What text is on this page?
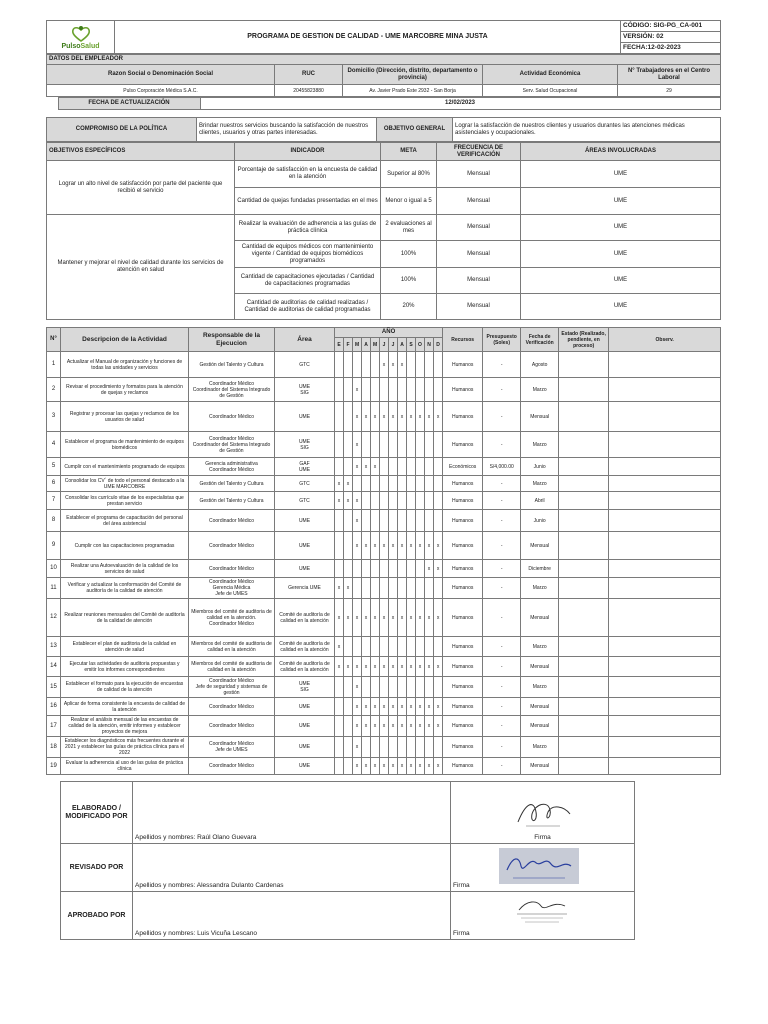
PulsoSalud
	PROGRAMA DE GESTION DE CALIDAD - UME MARCOBRE MINA JUSTA	CÓDIGO: SIG-PG_CA-001
VERSIÓN: 02
FECHA:12-02-2023
DATOS DEL EMPLEADOR				
Razon Social o Denominación Social	RUC	Domicilio (Dirección, distrito, departamento o provincia)	Actividad Económica	N° Trabajadores en el Centro Laboral
Pulso Corporación Médica S.A.C.	20455823880	Av. Javier Prado Este 2932 - San Borja	Serv. Salud Ocupacional	29
	FECHA DE ACTUALIZACIÓN	12/02/2023
COMPROMISO DE LA POLÍTICA	Brindar nuestros servicios buscando la satisfacción de nuestros clientes, usuarios y otras partes interesadas.	OBJETIVO GENERAL	Lograr la satisfacción de nuestros clientes y usuarios durantes las atenciones médicas asistenciales y ocupacionales.
OBJETIVOS ESPECÍFICOS	INDICADOR	META	FRECUENCIA DE VERIFICACIÓN	ÁREAS INVOLUCRADAS
Lograr un alto nivel de satisfacción por parte del paciente que recibió el servicio	Porcentaje de satisfacción en la encuesta de calidad en la atención	Superior al 80%	Mensual	UME
	Cantidad de quejas fundadas presentadas en el mes	Menor o igual a 5	Mensual	UME
Mantener y mejorar el nivel de calidad durante los servicios de atención en salud	Realizar la evaluación de adherencia a las guías de práctica clínica	2 evaluaciones al mes	Mensual	UME
	Cantidad de equipos médicos con mantenimiento vigente / Cantidad de equipos biomédicos programados	100%	Mensual	UME
	Cantidad de capacitaciones ejecutadas / Cantidad de capacitaciones programadas	100%	Mensual	UME
	Cantidad de auditorias de calidad realizadas / Cantidad de auditorias de calidad programadas	20%	Mensual	UME
N°	Descripcion de la Actividad	Responsable de la Ejecucion	Área	AÑO												Recursos	Presupuesto (Soles)	Fecha de Verificación	Estado (Realizado, pendiente, en proceso)	Observ.
				E	F	M	A	M	J	J	A	S	O	N	D					
1	Actualizar el Manual de organización y funciones de todas las unidades y servicios	Gestión del Talento y Cultura	GTC						x	x	x					Humanos	-	Agosto		
2	Revisar el procedimiento y formatos para la atención de quejas y reclamos	Coordinador Médico
Coordinador del Sistema Integrado de Gestión	UME
SIG			x										Humanos	-	Marzo		
3	Registrar y procesar las quejas y reclamos de los usuarios de salud	Coordinador Médico	UME			x	x	x	x	x	x	x	x	x	x	Humanos	-	Mensual		
4	Establecer el programa de mantenimiento de equipos biomédicos	Coordinador Médico
Coordinador del Sistema Integrado de Gestión	UME
SIG			x										Humanos	-	Marzo		
5	Cumplir con el mantenimiento programado de equipos	Gerencia administrativa
Coordinador Médico	GAF
UME			x	x	x								Económicos	S/4,000.00	Junio		
6	Consolidar los CV´ de todo el personal destacado a la UME MARCOBRE	Gestión del Talento y Cultura	GTC	x	x											Humanos	-	Marzo		
7	Consolidar los currículo vitae de los especialistas que prestan servicio	Gestión del Talento y Cultura	GTC	x	x	x										Humanos	-	Abril		
8	Establecer el programa de capacitación del personal del área asistencial	Coordinador Médico	UME			x										Humanos	-	Junio		
9	Cumplir con las capacitaciones programadas	Coordinador Médico	UME			x	x	x	x	x	x	x	x	x	x	Humanos	-	Mensual		
10	Realizar una Autoevaluación de la calidad de los servicios de salud	Coordinador Médico	UME											x	x	Humanos	-	Diciembre		
11	Verificar y actualizar la conformación del Comité de auditoría de la calidad de atención	Coordinador Médico
Gerencia Médica
Jefe de UMES	Gerencia UME	x	x											Humanos	-	Marzo		
12	Realizar reuniones mensuales del Comité de auditoría de la calidad de atención	Miembros del comité de auditoria de calidad en la atención.
Coordinador Médico	Comité de auditoría de calidad en la atención	x	x	x	x	x	x	x	x	x	x	x	x	Humanos	-	Mensual		
13	Establecer el plan de auditoria de la calidad en atención de salud	Miembros del comité de auditoria de calidad en la atención	Comité de auditoría de calidad en la atención	x												Humanos	-	Marzo		
14	Ejecutar las actividades de auditoria propuestas y emitir los informes correspondientes	Miembros del comité de auditoria de calidad en la atención	Comité de auditoría de calidad en la atención	x	x	x	x	x	x	x	x	x	x	x	x	Humanos	-	Mensual		
15	Establecer el formato para la ejecución de encuestas de calidad de la atención	Coordinador Médico
Jefe de seguridad y sistemas de gestión	UME
SIG			x										Humanos	-	Marzo		
16	Aplicar de forma consistente la encuesta de calidad de la atención	Coordinador Médico	UME			x	x	x	x	x	x	x	x	x	x	Humanos	-	Mensual		
17	Realizar el análisis mensual de las encuestas de calidad de la atención, emitir informes y establecer proyectos de mejora	Coordinador Médico	UME			x	x	x	x	x	x	x	x	x	x	Humanos	-	Mensual		
18	Establecer los diagnósticos más frecuentes durante el 2021 y establecer las guías de práctica clínica para el 2022	Coordinador Médico
Jefe de UMES	UME			x										Humanos	-	Marzo		
19	Evaluar la adherencia al uso de las guías de práctica clínica	Coordinador Médico	UME			x	x	x	x	x	x	x	x	x	x	Humanos	-	Mensual		
ELABORADO / MODIFICADO POR	Apellidos y nombres: Raúl Olano Guevara	Firma
REVISADO POR	Apellidos y nombres: Alessandra Dulanto Cardenas	Firma

APROBADO POR	Apellidos y nombres: Luis Vicuña Lescano	Firma
